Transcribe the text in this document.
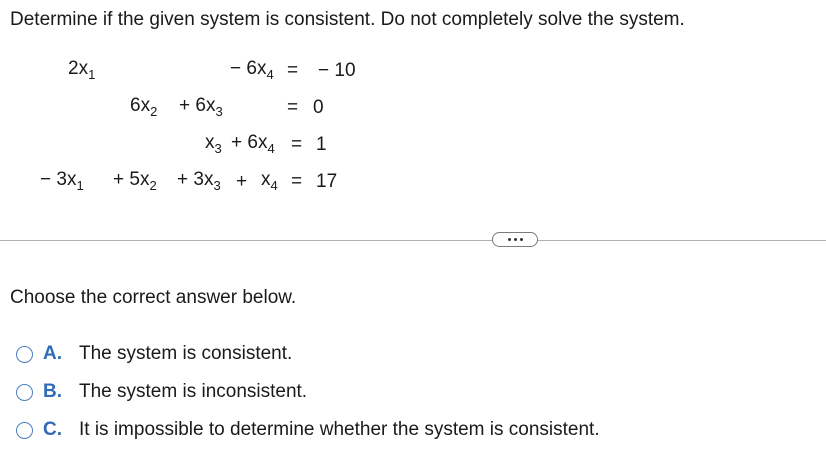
Determine if the given system is consistent. Do not completely solve the system.
$2x_1$	− $6x_4$ = − 10
$6x_2 + 6x_3$	= 0
$x_3 + 6x_4 = 1$
− $3x_1 + 5x_2 + 3x_3 + x_4 = 17$
Choose the correct answer below.
A. The system is consistent.
B. The system is inconsistent.
C. It is impossible to determine whether the system is consistent.
